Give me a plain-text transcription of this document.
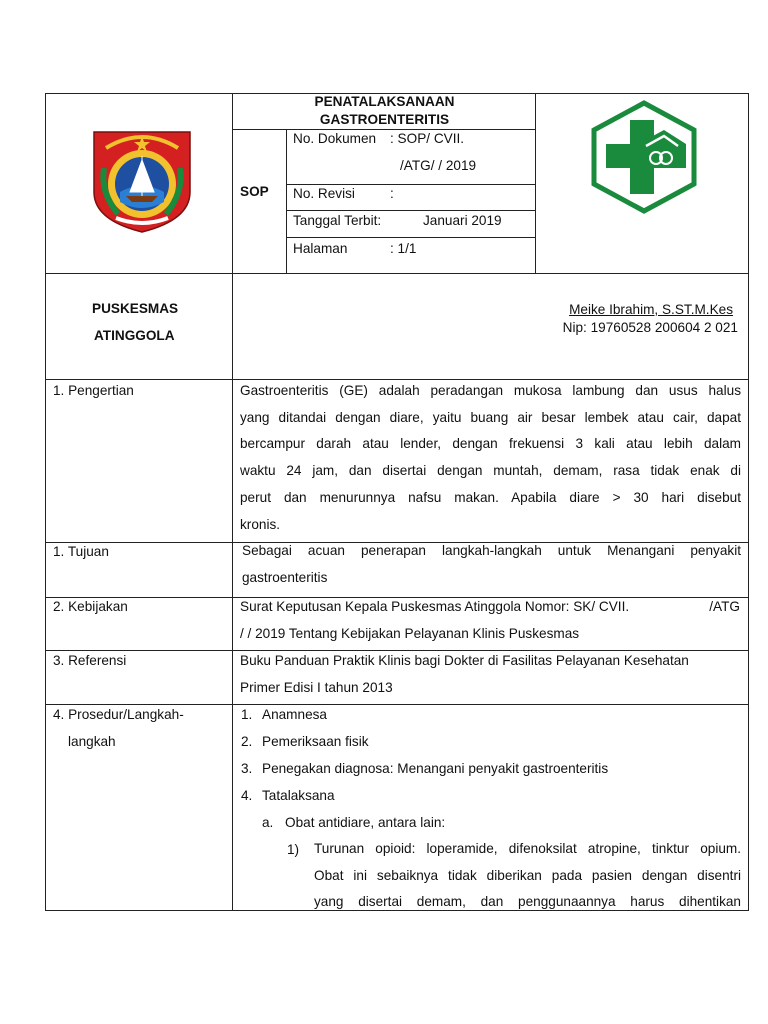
PENATALAKSANAAN
GASTROENTERITIS
SOP
No. Dokumen : SOP/ CVII.
/ATG/ / 2019
No. Revisi	:
Tanggal Terbit:	Januari 2019
Halaman	: 1/1
PUSKESMAS
ATINGGOLA
Meike Ibrahim, S.ST.M.Kes
Nip: 19760528 200604 2 021
1. Pengertian	Gastroenteritis (GE) adalah peradangan mukosa lambung dan usus halus
yang ditandai dengan diare, yaitu buang air besar lembek atau cair, dapat
bercampur darah atau lender, dengan frekuensi 3 kali atau lebih dalam
waktu 24 jam, dan disertai dengan muntah, demam, rasa tidak enak di
perut dan menurunnya nafsu makan. Apabila diare > 30 hari disebut
kronis.
1. Tujuan	Sebagai acuan penerapan langkah-langkah untuk Menangani penyakit
gastroenteritis
2. Kebijakan	Surat Keputusan Kepala Puskesmas Atinggola Nomor: SK/ CVII.	/ATG
/ / 2019 Tentang Kebijakan Pelayanan Klinis Puskesmas
3. Referensi	Buku Panduan Praktik Klinis bagi Dokter di Fasilitas Pelayanan Kesehatan
Primer Edisi I tahun 2013
4. Prosedur/Langkah-
langkah
1. Anamnesa
2. Pemeriksaan fisik
3. Penegakan diagnosa: Menangani penyakit gastroenteritis
4. Tatalaksana
a. Obat antidiare, antara lain:
1) Turunan opioid: loperamide, difenoksilat atropine, tinktur opium.
Obat ini sebaiknya tidak diberikan pada pasien dengan disentri
yang disertai demam, dan penggunaannya harus dihentikan
